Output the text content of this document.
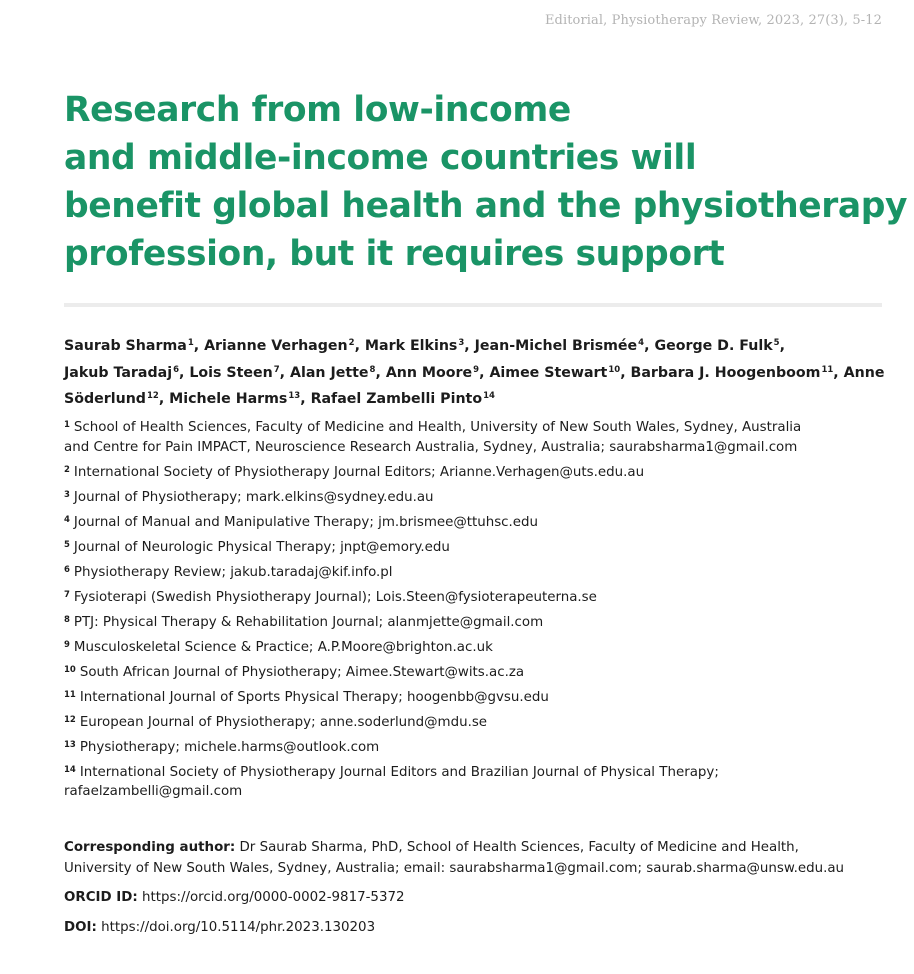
Editorial, Physiotherapy Review, 2023, 27(3), 5-12
Research from low-income
and middle-income countries will
benefit global health and the physiotherapy
profession, but it requires support
Saurab Sharma$^1$, Arianne Verhagen$^2$, Mark Elkins$^3$, Jean-Michel Brismée$^4$, George D. Fulk$^5$,
Jakub Taradaj$^6$, Lois Steen$^7$, Alan Jette$^8$, Ann Moore$^9$, Aimee Stewart$^{10}$, Barbara J. Hoogenboom$^{11}$, Anne
Söderlund$^{12}$, Michele Harms$^{13}$, Rafael Zambelli Pinto$^{14}$
$^1$ School of Health Sciences, Faculty of Medicine and Health, University of New South Wales, Sydney, Australia
and Centre for Pain IMPACT, Neuroscience Research Australia, Sydney, Australia; saurabsharma1@gmail.com
$^2$ International Society of Physiotherapy Journal Editors; Arianne.Verhagen@uts.edu.au
$^3$ Journal of Physiotherapy; mark.elkins@sydney.edu.au
$^4$ Journal of Manual and Manipulative Therapy; jm.brismee@ttuhsc.edu
$^5$ Journal of Neurologic Physical Therapy; jnpt@emory.edu
$^6$ Physiotherapy Review; jakub.taradaj@kif.info.pl
$^7$ Fysioterapi (Swedish Physiotherapy Journal); Lois.Steen@fysioterapeuterna.se
$^8$ PTJ: Physical Therapy & Rehabilitation Journal; alanmjette@gmail.com
$^9$ Musculoskeletal Science & Practice; A.P.Moore@brighton.ac.uk
$^{10}$ South African Journal of Physiotherapy; Aimee.Stewart@wits.ac.za
$^{11}$ International Journal of Sports Physical Therapy; hoogenbb@gvsu.edu
$^{12}$ European Journal of Physiotherapy; anne.soderlund@mdu.se
$^{13}$ Physiotherapy; michele.harms@outlook.com
$^{14}$ International Society of Physiotherapy Journal Editors and Brazilian Journal of Physical Therapy;
rafaelzambelli@gmail.com
Corresponding author: Dr Saurab Sharma, PhD, School of Health Sciences, Faculty of Medicine and Health,
University of New South Wales, Sydney, Australia; email: saurabsharma1@gmail.com; saurab.sharma@unsw.edu.au
ORCID ID: https://orcid.org/0000-0002-9817-5372
DOI: https://doi.org/10.5114/phr.2023.130203
